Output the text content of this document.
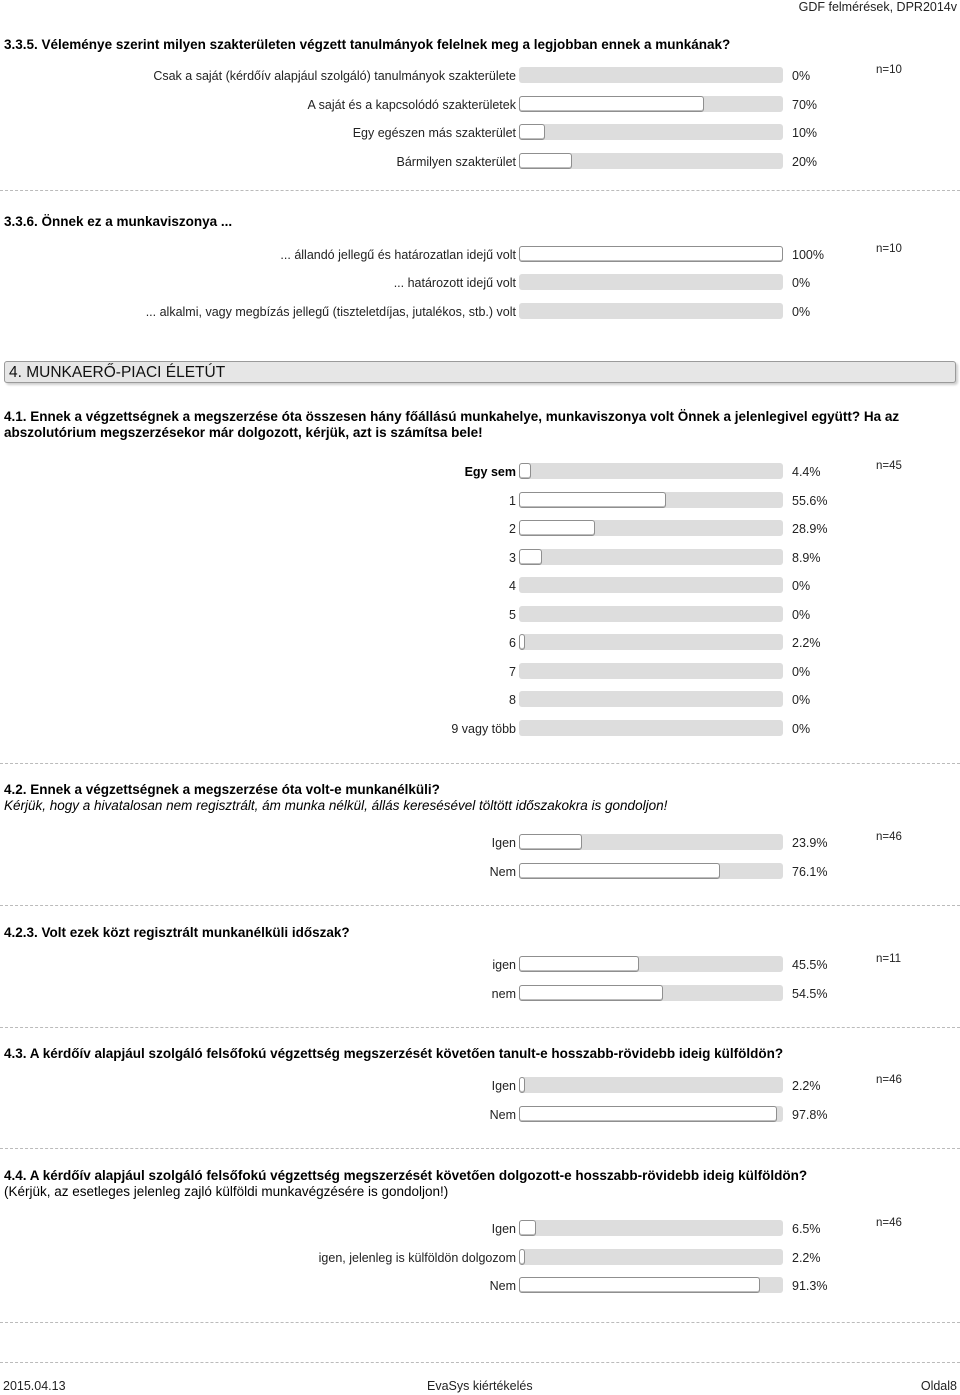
GDF felmérések, DPR2014v
3.3.5. Véleménye szerint milyen szakterületen végzett tanulmányok felelnek meg a legjobban ennek a munkának?
n=10
Csak a saját (kérdőív alapjául szolgáló) tanulmányok szakterülete	0%
A saját és a kapcsolódó szakterületek	70%
Egy egészen más szakterület	10%
Bármilyen szakterület	20%
3.3.6. Önnek ez a munkaviszonya ...
n=10
... állandó jellegű és határozatlan idejű volt	100%
... határozott idejű volt	0%
... alkalmi, vagy megbízás jellegű (tiszteletdíjas, jutalékos, stb.) volt	0%
4. MUNKAERŐ-PIACI ÉLETÚT
4.1. Ennek a végzettségnek a megszerzése óta összesen hány főállású munkahelye, munkaviszonya volt Önnek a jelenlegivel együtt? Ha az abszolutórium megszerzésekor már dolgozott, kérjük, azt is számítsa bele!
n=45
Egy sem	4.4%
1	55.6%
2	28.9%
3	8.9%
4	0%
5	0%
6	2.2%
7	0%
8	0%
9 vagy több	0%
4.2. Ennek a végzettségnek a megszerzése óta volt-e munkanélküli?
Kérjük, hogy a hivatalosan nem regisztrált, ám munka nélkül, állás keresésével töltött időszakokra is gondoljon!
n=46
Igen	23.9%
Nem	76.1%
4.2.3. Volt ezek közt regisztrált munkanélküli időszak?
n=11
igen	45.5%
nem	54.5%
4.3. A kérdőív alapjául szolgáló felsőfokú végzettség megszerzését követően tanult-e hosszabb-rövidebb ideig külföldön?
n=46
Igen	2.2%
Nem	97.8%
4.4. A kérdőív alapjául szolgáló felsőfokú végzettség megszerzését követően dolgozott-e hosszabb-rövidebb ideig külföldön?
(Kérjük, az esetleges jelenleg zajló külföldi munkavégzésére is gondoljon!)
n=46
Igen	6.5%
igen, jelenleg is külföldön dolgozom	2.2%
Nem	91.3%
2015.04.13	EvaSys kiértékelés	Oldal8
